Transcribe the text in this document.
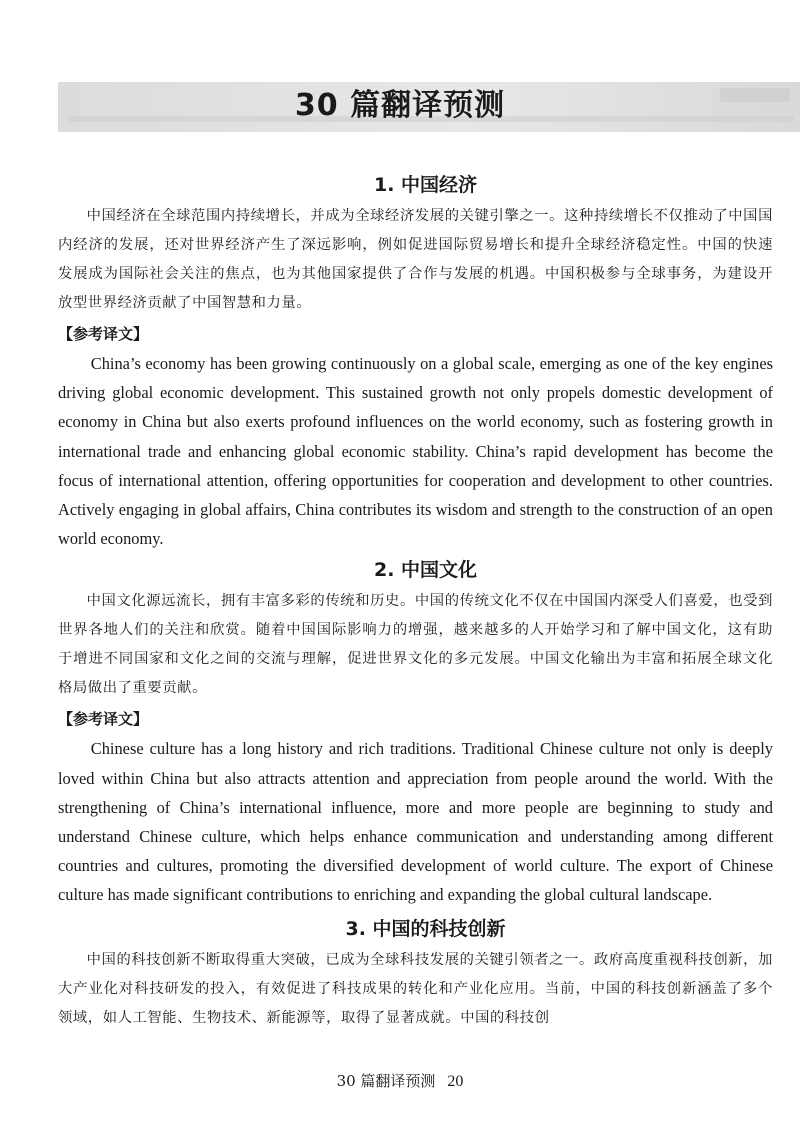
30 篇翻译预测
1. 中国经济

中国经济在全球范围内持续增长，并成为全球经济发展的关键引擎之一。这种持续增长不仅推动了中国国内经济的发展，还对世界经济产生了深远影响，例如促进国际贸易增长和提升全球经济稳定性。中国的快速发展成为国际社会关注的焦点，也为其他国家提供了合作与发展的机遇。中国积极参与全球事务，为建设开放型世界经济贡献了中国智慧和力量。

【参考译文】

China’s economy has been growing continuously on a global scale, emerging as one of the key engines driving global economic development. This sustained growth not only propels domestic development of economy in China but also exerts profound influences on the world economy, such as fostering growth in international trade and enhancing global economic stability. China’s rapid development has become the focus of international attention, offering opportunities for cooperation and development to other countries. Actively engaging in global affairs, China contributes its wisdom and strength to the construction of an open world economy.

2. 中国文化

中国文化源远流长，拥有丰富多彩的传统和历史。中国的传统文化不仅在中国国内深受人们喜爱，也受到世界各地人们的关注和欣赏。随着中国国际影响力的增强，越来越多的人开始学习和了解中国文化，这有助于增进不同国家和文化之间的交流与理解，促进世界文化的多元发展。中国文化输出为丰富和拓展全球文化格局做出了重要贡献。

【参考译文】

Chinese culture has a long history and rich traditions. Traditional Chinese culture not only is deeply loved within China but also attracts attention and appreciation from people around the world. With the strengthening of China’s international influence, more and more people are beginning to study and understand Chinese culture, which helps enhance communication and understanding among different countries and cultures, promoting the diversified development of world culture. The export of Chinese culture has made significant contributions to enriching and expanding the global cultural landscape.

3. 中国的科技创新

中国的科技创新不断取得重大突破，已成为全球科技发展的关键引领者之一。政府高度重视科技创新，加大产业化对科技研发的投入，有效促进了科技成果的转化和产业化应用。当前，中国的科技创新涵盖了多个领域，如人工智能、生物技术、新能源等，取得了显著成就。中国的科技创

30 篇翻译预测 20
